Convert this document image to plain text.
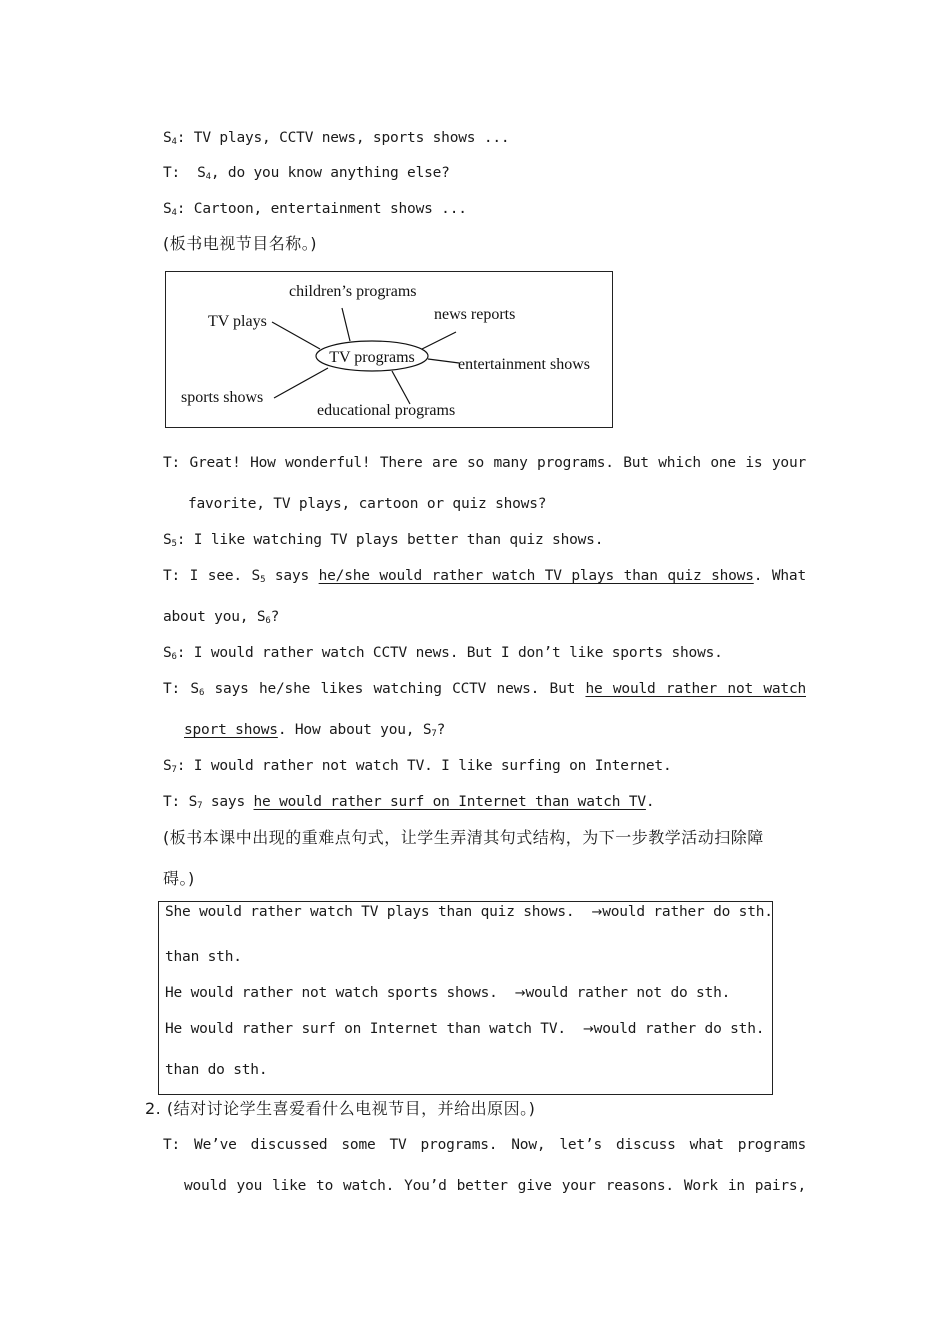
$S_4$: TV plays, CCTV news, sports shows ...
T:  $S_4$, do you know anything else?
$S_4$: Cartoon, entertainment shows ...
(板书电视节目名称。)
TV programs
children’s programs
TV plays	news reports
entertainment shows
sports shows
educational programs
T: Great! How wonderful! There are so many programs. But which one is your
favorite, TV plays, cartoon or quiz shows?
$S_5$: I like watching TV plays better than quiz shows.
T: I see. $S_5$ says he/she would rather watch TV plays than quiz shows. What
about you, $S_6$?
$S_6$: I would rather watch CCTV news. But I don’t like sports shows.
T: $S_6$ says he/she likes watching CCTV news. But he would rather not watch
sport shows. How about you, $S_7$?
$S_7$: I would rather not watch TV. I like surfing on Internet.
T: $S_7$ says he would rather surf on Internet than watch TV.
(板书本课中出现的重难点句式，让学生弄清其句式结构，为下一步教学活动扫除障
碍。)
She would rather watch TV plays than quiz shows. →would rather do sth.
than sth.
He would rather not watch sports shows. →would rather not do sth.
He would rather surf on Internet than watch TV. →would rather do sth.
than do sth.
2. (结对讨论学生喜爱看什么电视节目，并给出原因。)
T: We’ve discussed some TV programs. Now, let’s discuss what programs
would you like to watch. You’d better give your reasons. Work in pairs,
